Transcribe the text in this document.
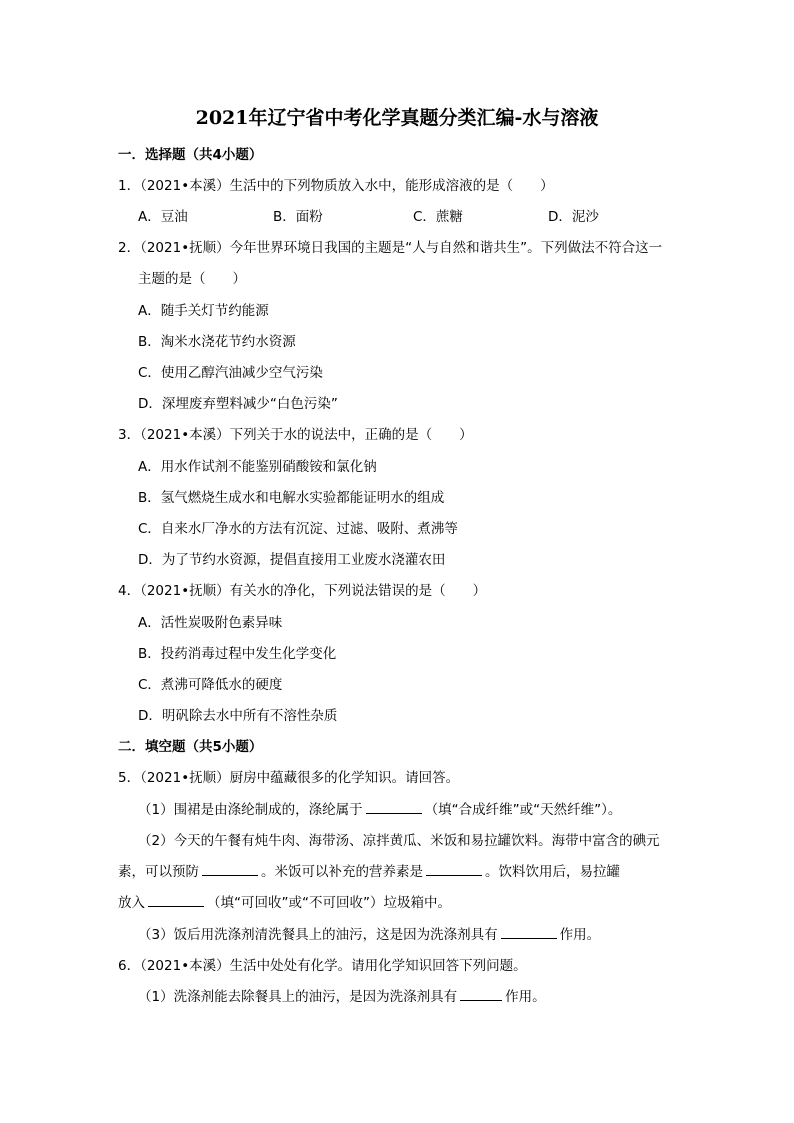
2021年辽宁省中考化学真题分类汇编-水与溶液
一．选择题（共4小题）
1．（2021•本溪）生活中的下列物质放入水中，能形成溶液的是（　　）
A．豆油	B．面粉	C．蔗糖	D．泥沙
2．（2021•抚顺）今年世界环境日我国的主题是“人与自然和谐共生”。下列做法不符合这一
主题的是（　　）
A．随手关灯节约能源
B．淘米水浇花节约水资源
C．使用乙醇汽油减少空气污染
D．深埋废弃塑料减少“白色污染”
3．（2021•本溪）下列关于水的说法中，正确的是（　　）
A．用水作试剂不能鉴别硝酸铵和氯化钠
B．氢气燃烧生成水和电解水实验都能证明水的组成
C．自来水厂净水的方法有沉淀、过滤、吸附、煮沸等
D．为了节约水资源，提倡直接用工业废水浇灌农田
4．（2021•抚顺）有关水的净化，下列说法错误的是（　　）
A．活性炭吸附色素异味
B．投药消毒过程中发生化学变化
C．煮沸可降低水的硬度
D．明矾除去水中所有不溶性杂质
二．填空题（共5小题）
5．（2021•抚顺）厨房中蕴藏很多的化学知识。请回答。
（1）围裙是由涤纶制成的，涤纶属于	（填“合成纤维”或“天然纤维”）。
（2）今天的午餐有炖牛肉、海带汤、凉拌黄瓜、米饭和易拉罐饮料。海带中富含的碘元
素，可以预防	。米饭可以补充的营养素是	。饮料饮用后，易拉罐
放入	（填“可回收”或“不可回收”）垃圾箱中。
（3）饭后用洗涤剂清洗餐具上的油污，这是因为洗涤剂具有	作用。
6．（2021•本溪）生活中处处有化学。请用化学知识回答下列问题。
（1）洗涤剂能去除餐具上的油污，是因为洗涤剂具有	作用。
